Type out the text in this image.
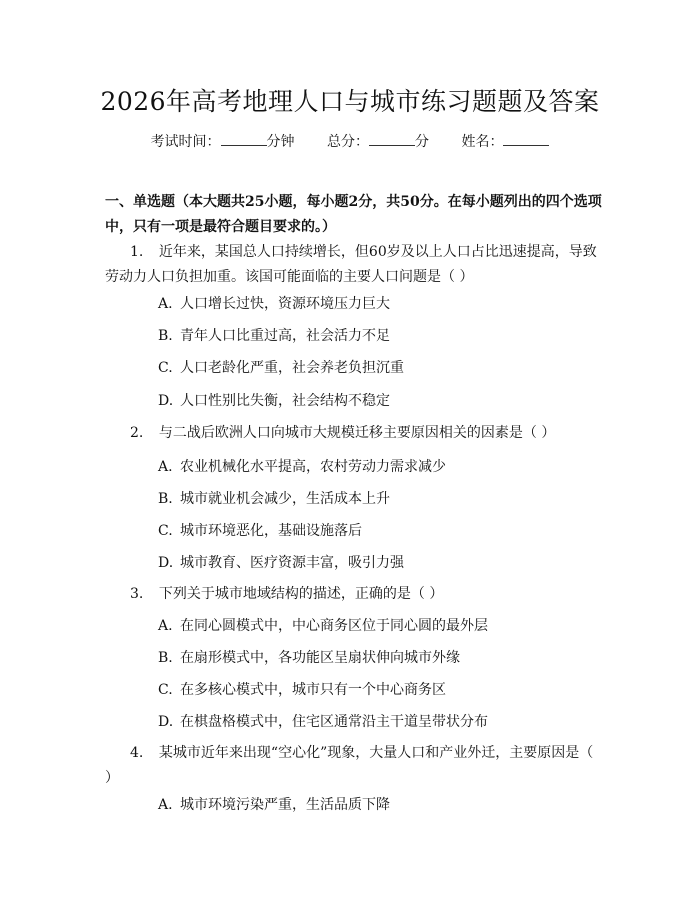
2026年高考地理人口与城市练习题题及答案
考试时间：	分钟 总分：	分 姓名：
一、单选题（本大题共25小题，每小题2分，共50分。在每小题列出的四个选项中，只有一项是最符合题目要求的。）
1. 近年来，某国总人口持续增长，但60岁及以上人口占比迅速提高，导致劳动力人口负担加重。该国可能面临的主要人口问题是（ ）
A. 人口增长过快，资源环境压力巨大
B. 青年人口比重过高，社会活力不足
C. 人口老龄化严重，社会养老负担沉重
D. 人口性别比失衡，社会结构不稳定
2. 与二战后欧洲人口向城市大规模迁移主要原因相关的因素是（ ）
A. 农业机械化水平提高，农村劳动力需求减少
B. 城市就业机会减少，生活成本上升
C. 城市环境恶化，基础设施落后
D. 城市教育、医疗资源丰富，吸引力强
3. 下列关于城市地域结构的描述，正确的是（ ）
A. 在同心圆模式中，中心商务区位于同心圆的最外层
B. 在扇形模式中，各功能区呈扇状伸向城市外缘
C. 在多核心模式中，城市只有一个中心商务区
D. 在棋盘格模式中，住宅区通常沿主干道呈带状分布
4. 某城市近年来出现“空心化”现象，大量人口和产业外迁，主要原因是（ ）
A. 城市环境污染严重，生活品质下降
